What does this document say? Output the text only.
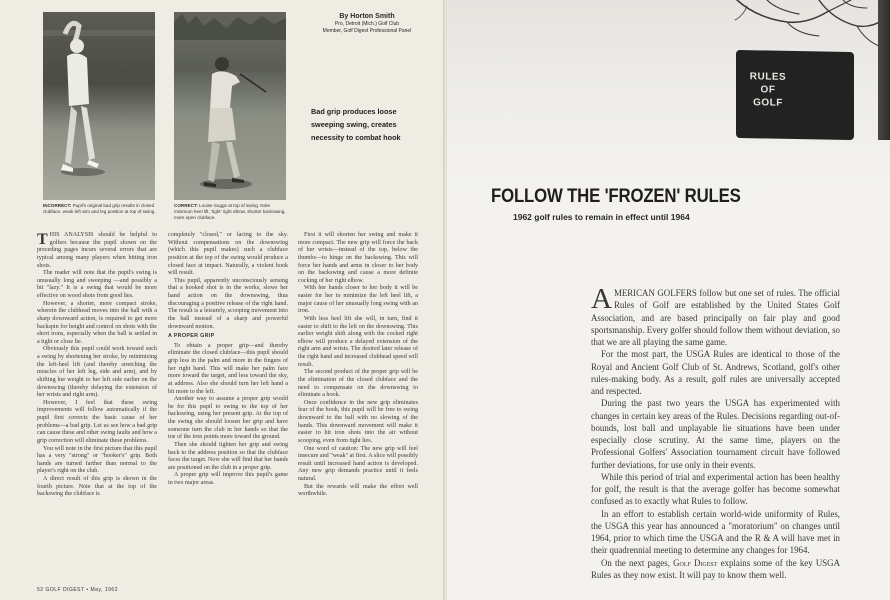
INCORRECT: Pupil's original bad grip results in closed clubface, weak left arm and leg position at top of swing.
CORRECT: Louise Suggs at top of swing. Note minimum heel lift, 'tight' right elbow, shorter backswing, more open clubface.
By Horton Smith
Pro, Detroit (Mich.) Golf Club
Member, Golf Digest Professional Panel
Bad grip produces loose sweeping swing, creates necessity to combat hook

THIS ANALYSIS should be helpful to golfers because the pupil shown on the preceding pages incurs several errors that are typical among many players when hitting iron shots.

The reader will note that the pupil's swing is unusually long and sweeping —and possibly a bit "lazy." It is a swing that would be more effective on wood shots from good lies.

However, a shorter, more compact stroke, wherein the clubhead moves into the ball with a sharp downward action, is required to get more backspin for height and control on shots with the short irons, especially when the ball is settled in a tight or close lie.

Obviously this pupil could work toward such a swing by shortening her stroke, by minimizing the left-heel lift (and thereby stretching the muscles of her left leg, side and arm), and by shifting her weight to her left side earlier on the downswing (thereby delaying the extension of her wrists and right arm).

However, I feel that these swing improvements will follow automatically if the pupil first corrects the basic cause of her problems—a bad grip. Let us see how a bad grip can cause these and other swing faults and how a grip correction will eliminate these problems.

You will note in the first picture that this pupil has a very "strong" or "hooker's" grip. Both hands are turned farther than normal to the player's right on the club.

A direct result of this grip is shown in the fourth picture. Note that at the top of the backswing the clubface is

completely "closed," or facing to the sky. Without compensations on the downswing (which this pupil makes) such a clubface position at the top of the swing would produce a closed face at impact. Naturally, a violent hook will result.

This pupil, apparently unconsciously sensing that a hooked shot is in the works, slows her hand action on the downswing, thus discouraging a positive release of the right hand. The result is a leisurely, scooping movement into the ball instead of a sharp and powerful downward motion.

A PROPER GRIP

To obtain a proper grip—and thereby eliminate the closed clubface—this pupil should grip less in the palm and more in the fingers of her right hand. This will make her palm face more toward the target, and less toward the sky, at address. Also she should turn her left hand a bit more to the left.

Another way to assume a proper grip would be for this pupil to swing to the top of her backswing, using her present grip. At the top of the swing she should loosen her grip and have someone turn the club in her hands so that the toe of the iron points more toward the ground.

Then she should tighten her grip and swing back to the address position so that the clubface faces the target. Now she will find that her hands are positioned on the club in a proper grip.

A proper grip will improve this pupil's game in two major areas.

First it will shorten her swing and make it more compact. The new grip will force the back of her wrists—instead of the top, below the thumbs—to hinge on the backswing. This will force her hands and arms in closer to her body on the backswing and cause a more definite cocking of her right elbow.

With her hands closer to her body it will be easier for her to minimize the left heel lift, a major cause of her unusually long swing with an iron.

With less heel lift she will, in turn, find it easier to shift to the left on the downswing. This earlier weight shift along with the cocked right elbow will produce a delayed extension of the right arm and wrists. The desired later release of the right hand and increased clubhead speed will result.

The second product of the proper grip will be the elimination of the closed clubface and the need to compensate on the downswing to eliminate a hook.

Once confidence in the new grip eliminates fear of the hook, this pupil will be free to swing downward to the ball with no slowing of the hands. This downward movement will make it easier to hit iron shots into the air without scooping, even from tight lies.

One word of caution: The new grip will feel insecure and "weak" at first. A slice will possibly result until increased hand action is developed. Any new grip demands practice until it feels natural.

But the rewards will make the effort well worthwhile.

52 GOLF DIGEST • May, 1962
RULES
OF
GOLF
FOLLOW THE 'FROZEN' RULES
1962 golf rules to remain in effect until 1964

AMERICAN GOLFERS follow but one set of rules. The official Rules of Golf are established by the United States Golf Association, and are based principally on fair play and good sportsmanship. Every golfer should follow them without deviation, so that we are all playing the same game.

For the most part, the USGA Rules are identical to those of the Royal and Ancient Golf Club of St. Andrews, Scotland, golf's other rules-making body. As a result, golf rules are universally accepted and respected.

During the past two years the USGA has experimented with changes in certain key areas of the Rules. Decisions regarding out-of-bounds, lost ball and unplayable lie situations have been under especially close scrutiny. At the same time, players on the Professional Golfers' Association tournament circuit have followed further deviations, for use only in their events.

While this period of trial and experimental action has been healthy for golf, the result is that the average golfer has become somewhat confused as to exactly what Rules to follow.

In an effort to establish certain world-wide uniformity of Rules, the USGA this year has announced a "moratorium" on changes until 1964, prior to which time the USGA and the R & A will have met in their quadrennial meeting to determine any changes for 1964.

On the next pages, Golf Digest explains some of the key USGA Rules as they now exist. It will pay to know them well.
